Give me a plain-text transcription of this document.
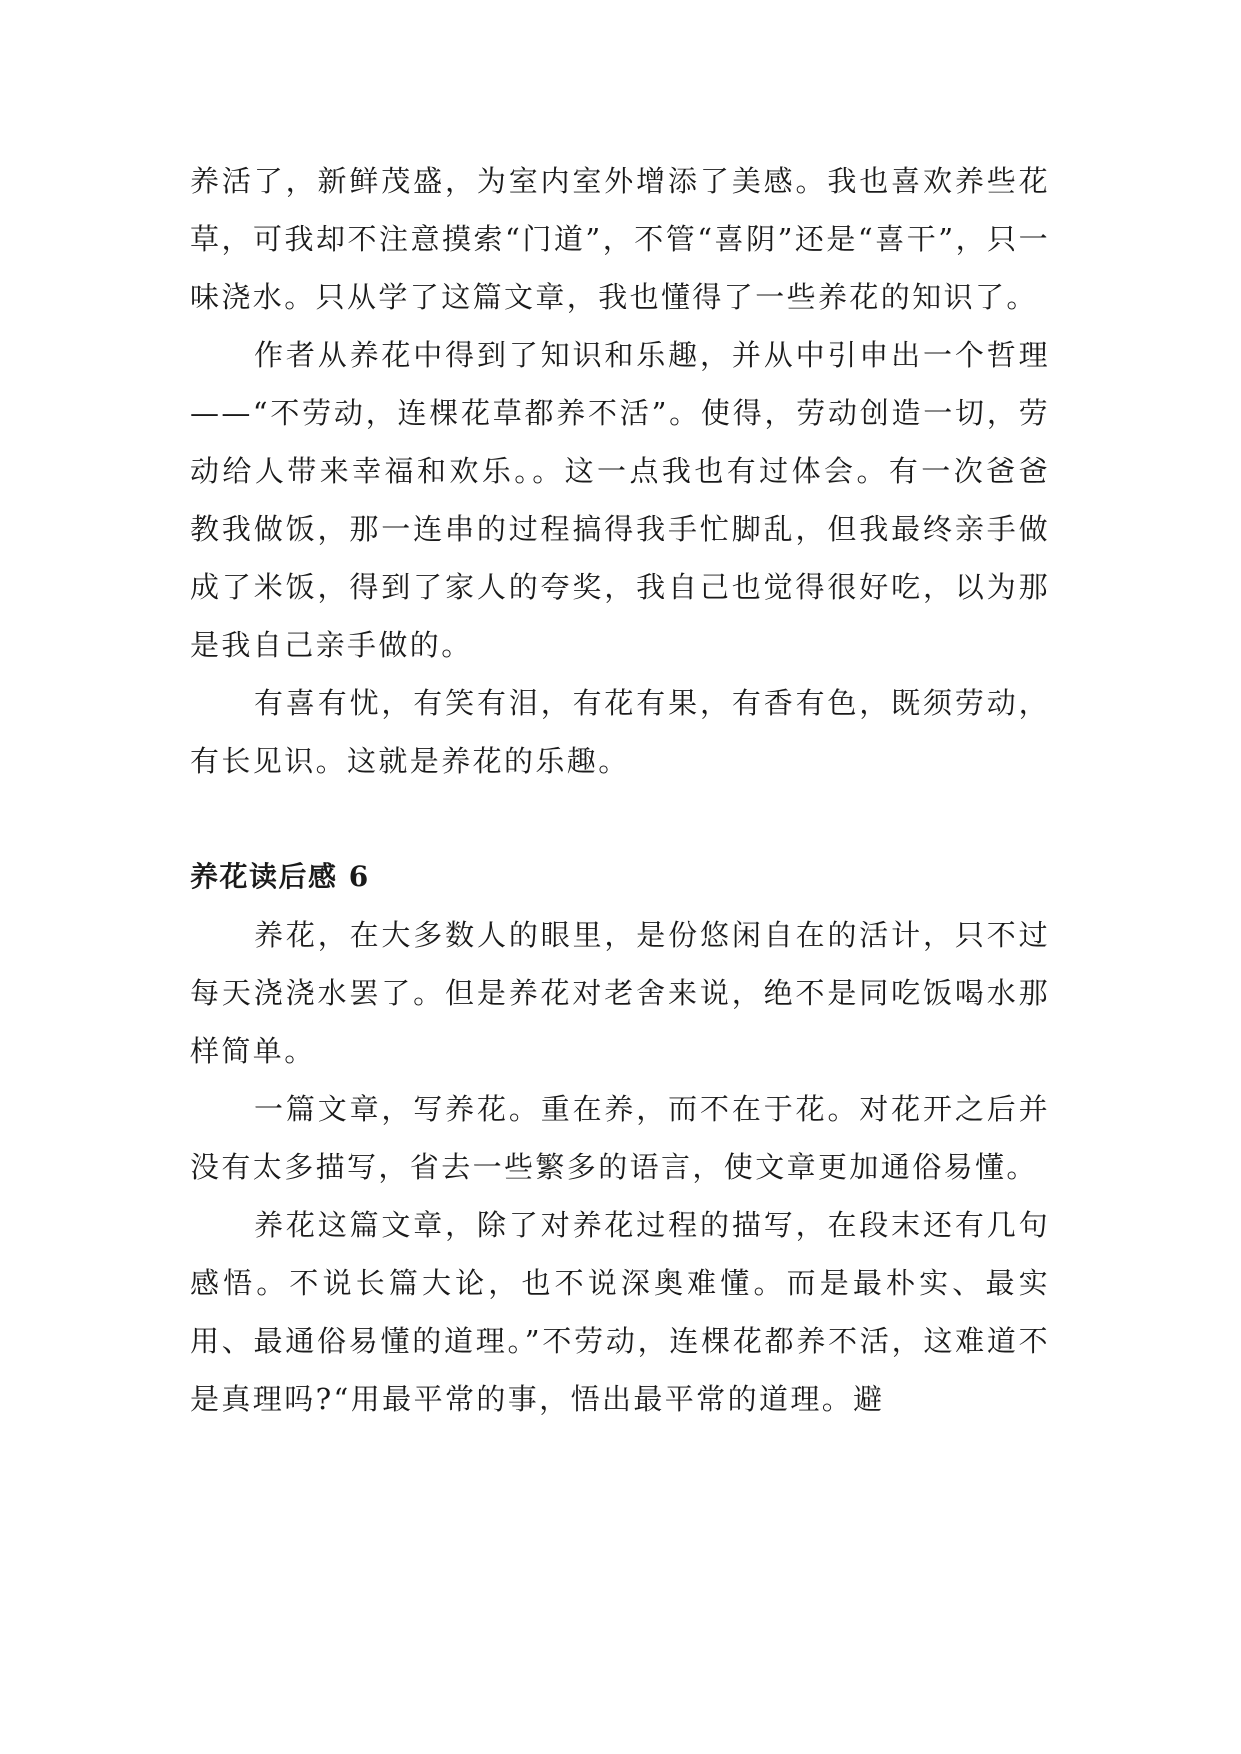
养活了，新鲜茂盛，为室内室外增添了美感。我也喜欢养些花草，可我却不注意摸索“门道”，不管“喜阴”还是“喜干”，只一味浇水。只从学了这篇文章，我也懂得了一些养花的知识了。

作者从养花中得到了知识和乐趣，并从中引申出一个哲理——“不劳动，连棵花草都养不活”。使得，劳动创造一切，劳动给人带来幸福和欢乐。。这一点我也有过体会。有一次爸爸教我做饭，那一连串的过程搞得我手忙脚乱，但我最终亲手做成了米饭，得到了家人的夸奖，我自己也觉得很好吃，以为那是我自己亲手做的。

有喜有忧，有笑有泪，有花有果，有香有色，既须劳动，有长见识。这就是养花的乐趣。

养花读后感 6

养花，在大多数人的眼里，是份悠闲自在的活计，只不过每天浇浇水罢了。但是养花对老舍来说，绝不是同吃饭喝水那样简单。

一篇文章，写养花。重在养，而不在于花。对花开之后并没有太多描写，省去一些繁多的语言，使文章更加通俗易懂。

养花这篇文章，除了对养花过程的描写，在段末还有几句感悟。不说长篇大论，也不说深奥难懂。而是最朴实、最实用、最通俗易懂的道理。”不劳动，连棵花都养不活，这难道不是真理吗?“用最平常的事，悟出最平常的道理。避
